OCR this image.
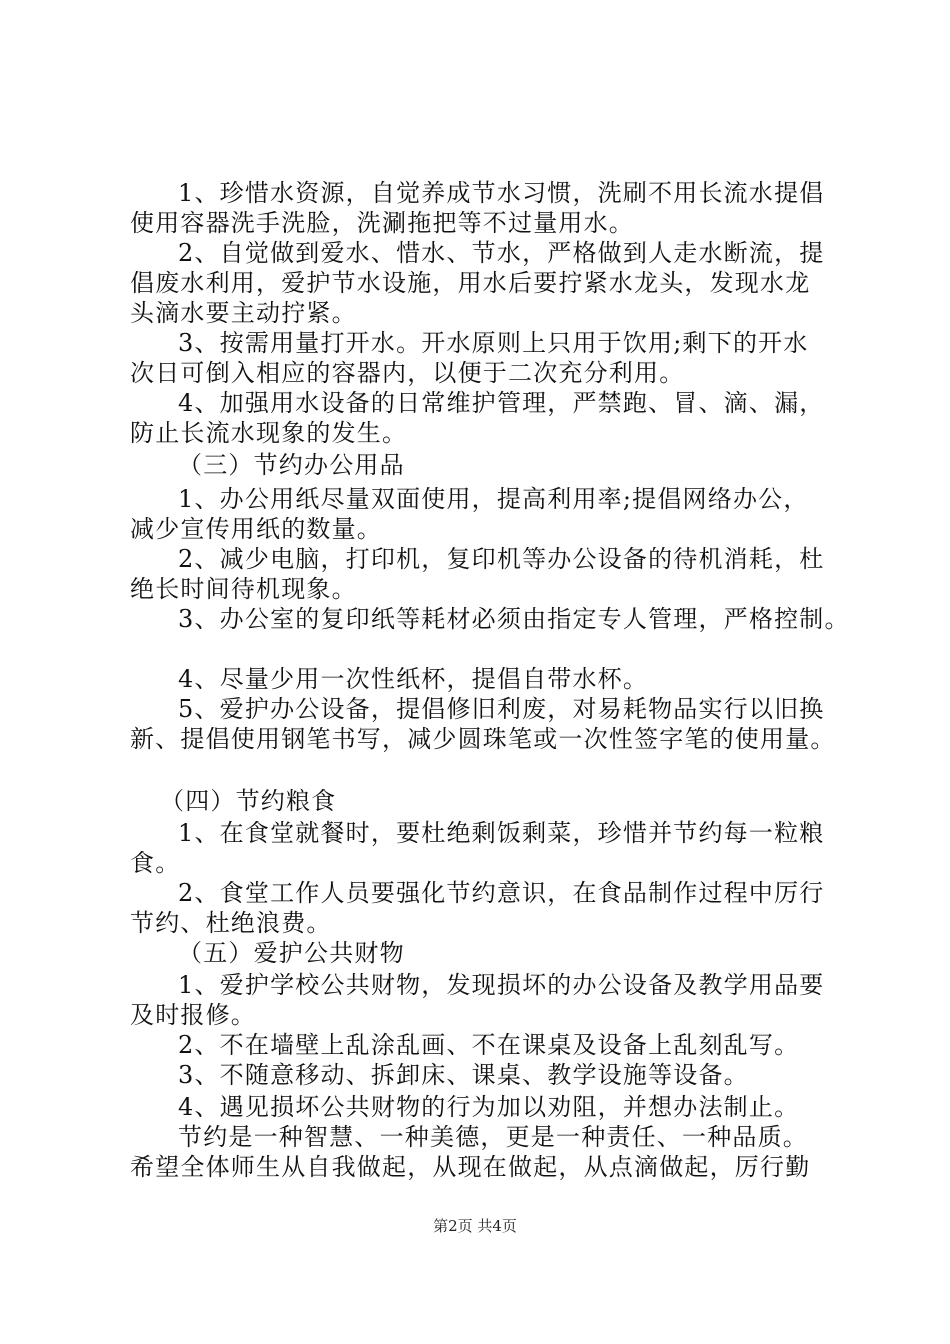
1、珍惜水资源，自觉养成节水习惯，洗刷不用长流水提倡
使用容器洗手洗脸，洗涮拖把等不过量用水。
2、自觉做到爱水、惜水、节水，严格做到人走水断流，提
倡废水利用，爱护节水设施，用水后要拧紧水龙头，发现水龙
头滴水要主动拧紧。
3、按需用量打开水。开水原则上只用于饮用;剩下的开水
次日可倒入相应的容器内，以便于二次充分利用。
4、加强用水设备的日常维护管理，严禁跑、冒、滴、漏，
防止长流水现象的发生。
（三）节约办公用品
1、办公用纸尽量双面使用，提高利用率;提倡网络办公，
减少宣传用纸的数量。
2、减少电脑，打印机，复印机等办公设备的待机消耗，杜
绝长时间待机现象。
3、办公室的复印纸等耗材必须由指定专人管理，严格控制。
4、尽量少用一次性纸杯，提倡自带水杯。
5、爱护办公设备，提倡修旧利废，对易耗物品实行以旧换
新、提倡使用钢笔书写，减少圆珠笔或一次性签字笔的使用量。
（四）节约粮食
1、在食堂就餐时，要杜绝剩饭剩菜，珍惜并节约每一粒粮
食。
2、食堂工作人员要强化节约意识，在食品制作过程中厉行
节约、杜绝浪费。
（五）爱护公共财物
1、爱护学校公共财物，发现损坏的办公设备及教学用品要
及时报修。
2、不在墙壁上乱涂乱画、不在课桌及设备上乱刻乱写。
3、不随意移动、拆卸床、课桌、教学设施等设备。
4、遇见损坏公共财物的行为加以劝阻，并想办法制止。
节约是一种智慧、一种美德，更是一种责任、一种品质。
希望全体师生从自我做起，从现在做起，从点滴做起，厉行勤
第2页 共4页
